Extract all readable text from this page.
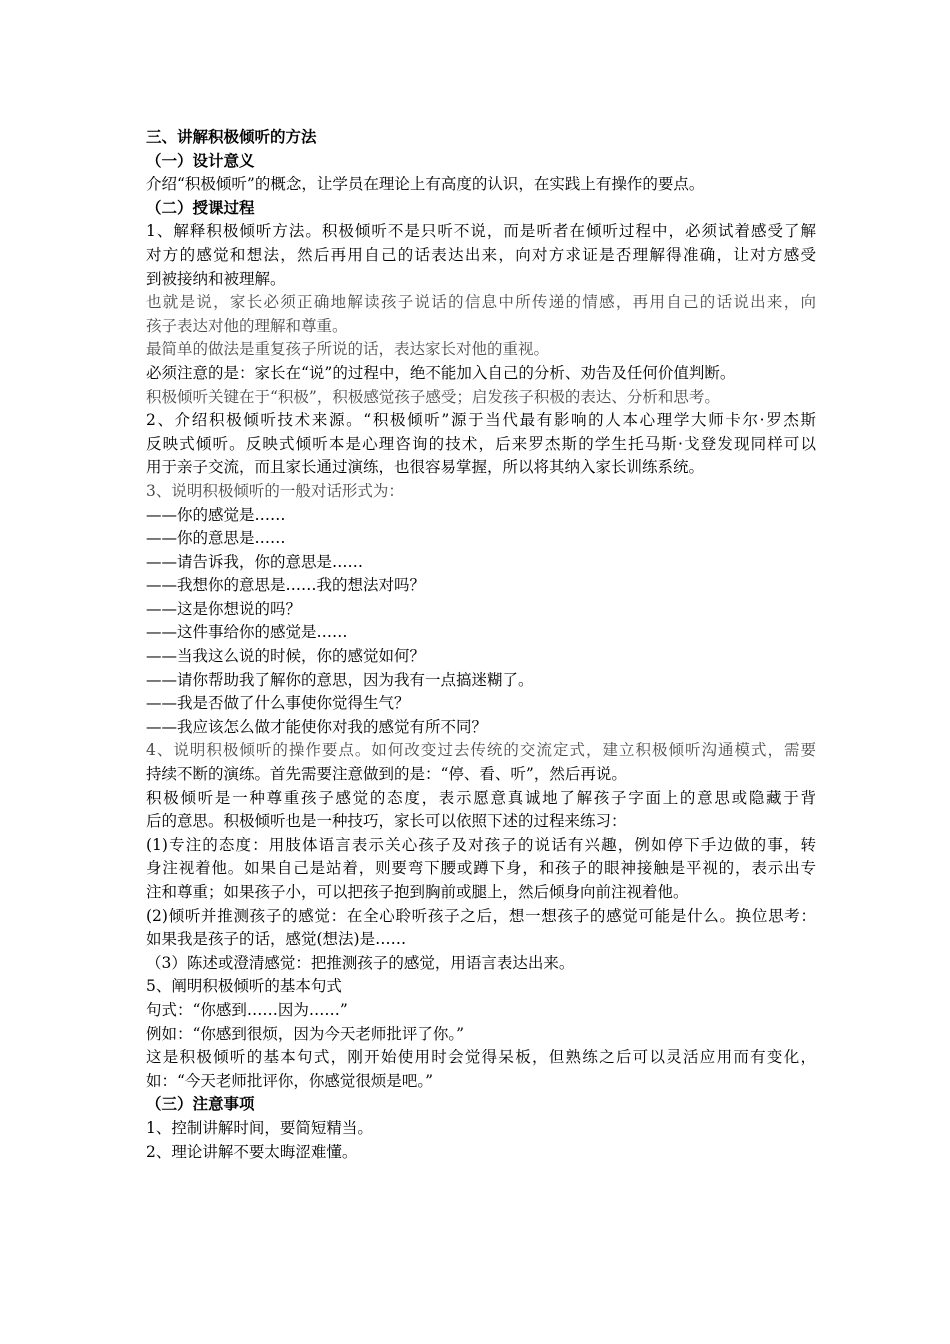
三、讲解积极倾听的方法
（一）设计意义
介绍“积极倾听”的概念，让学员在理论上有高度的认识，在实践上有操作的要点。
（二）授课过程
1、解释积极倾听方法。积极倾听不是只听不说，而是听者在倾听过程中，必须试着感受了解
对方的感觉和想法，然后再用自己的话表达出来，向对方求证是否理解得准确，让对方感受
到被接纳和被理解。
也就是说，家长必须正确地解读孩子说话的信息中所传递的情感，再用自己的话说出来，向
孩子表达对他的理解和尊重。
最简单的做法是重复孩子所说的话，表达家长对他的重视。
必须注意的是：家长在“说”的过程中，绝不能加入自己的分析、劝告及任何价值判断。
积极倾听关键在于“积极”，积极感觉孩子感受；启发孩子积极的表达、分析和思考。
2、介绍积极倾听技术来源。“积极倾听”源于当代最有影响的人本心理学大师卡尔·罗杰斯
反映式倾听。反映式倾听本是心理咨询的技术，后来罗杰斯的学生托马斯·戈登发现同样可以
用于亲子交流，而且家长通过演练，也很容易掌握，所以将其纳入家长训练系统。
3、说明积极倾听的一般对话形式为：
——你的感觉是……
——你的意思是……
——请告诉我，你的意思是……
——我想你的意思是……我的想法对吗？
——这是你想说的吗？
——这件事给你的感觉是……
——当我这么说的时候，你的感觉如何？
——请你帮助我了解你的意思，因为我有一点搞迷糊了。
——我是否做了什么事使你觉得生气？
——我应该怎么做才能使你对我的感觉有所不同？
4、说明积极倾听的操作要点。如何改变过去传统的交流定式，建立积极倾听沟通模式，需要
持续不断的演练。首先需要注意做到的是：“停、看、听”，然后再说。
积极倾听是一种尊重孩子感觉的态度，表示愿意真诚地了解孩子字面上的意思或隐藏于背
后的意思。积极倾听也是一种技巧，家长可以依照下述的过程来练习：
(1)专注的态度：用肢体语言表示关心孩子及对孩子的说话有兴趣，例如停下手边做的事，转
身注视着他。如果自己是站着，则要弯下腰或蹲下身，和孩子的眼神接触是平视的，表示出专
注和尊重；如果孩子小，可以把孩子抱到胸前或腿上，然后倾身向前注视着他。
(2)倾听并推测孩子的感觉：在全心聆听孩子之后，想一想孩子的感觉可能是什么。换位思考：
如果我是孩子的话，感觉(想法)是……
（3）陈述或澄清感觉：把推测孩子的感觉，用语言表达出来。
5、阐明积极倾听的基本句式
句式：“你感到……因为……”
例如：“你感到很烦，因为今天老师批评了你。”
这是积极倾听的基本句式，刚开始使用时会觉得呆板，但熟练之后可以灵活应用而有变化，
如：“今天老师批评你，你感觉很烦是吧。”
（三）注意事项
1、控制讲解时间，要简短精当。
2、理论讲解不要太晦涩难懂。
